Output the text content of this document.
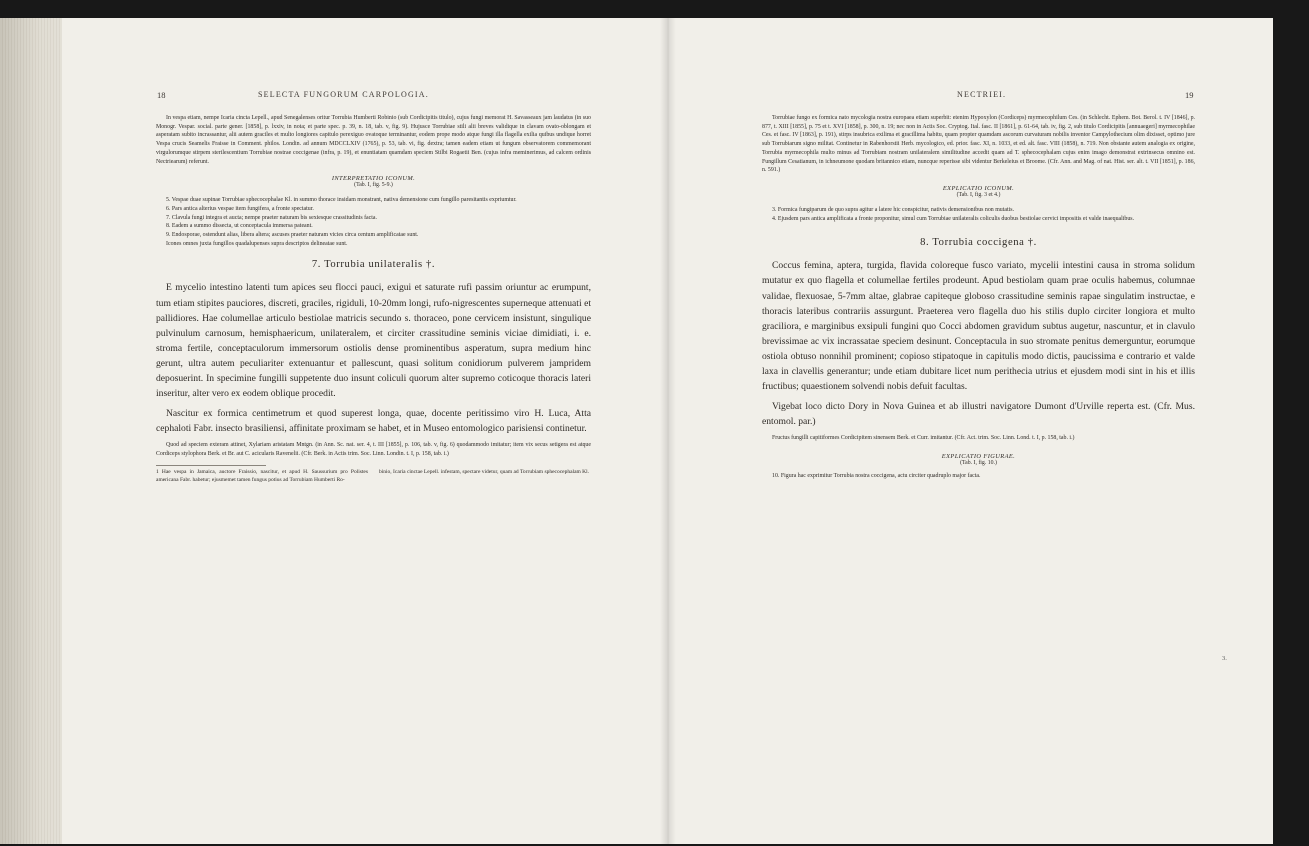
18	SELECTA FUNGORUM CARPOLOGIA.

In vespa etiam, nempe Icaria cincta Lepell., apud Senegalenses oritur Torrubia Humberti Robinio (sub Cordicipitis titulo), cujus fungi memorat H. Savasseaux jam laudatus (in suo Monogr. Vespar. social. parte gener. [1858], p. lxxiv, in nota; et parte spec. p. 39, n. 18, tab. v, fig. 9). Hujusce Torrubiae stili alii breves validique in clavam ovato-oblongam et asperatam subito incrassantur, alii autem graciles et multo longiores capitulo perexiguo ovatoque terminantur, eodem prope modo atque fungi illa flagella exilia quibus undique horret Vespa crucis Seamelis Fraisse in Comment. philos. Londin. ad annum MDCCLXIV (1765), p. 53, tab. vi, fig. dextra; tamen eadem etiam ut fungum observatorem commemorant virgulorumque stirpem sterilescentium Torrubiae nostrae coccigenae (infra, p. 19), et enuntiatam quamdam speciem Stilbi Rogaetii Ben. (cujus infra meminerimus, ad calcem ordinis Nectriearum) referunt.

INTERPRETATIO ICONUM.

(Tab. I, fig. 5-9.)

5. Vespae duae supinae Torrubiae sphecocephalae Kl. in summo thorace insidam monstrant, nativa demensione cum fungillo paresitantis expriumtur.

6. Pars antica alterius vespae item fungifera, a fronte spectatur.

7. Clavula fungi integra et aucta; nempe praeter naturam bis sexiesque crassitudinis facta.

8. Eadem a summo dissecta, ut conceptacula immersa pateant.

9. Endosporae, ostendunt alias, libera altera; ascuses praeter naturam vicies circa centum amplificatae sunt.

Icones omnes juxta fungillos quadalupenses supra descriptos delineatae sunt.

7. Torrubia unilateralis †.

E mycelio intestino latenti tum apices seu flocci pauci, exigui et saturate rufi passim oriuntur ac erumpunt, tum etiam stipites pauciores, discreti, graciles, rigiduli, 10-20mm longi, rufo-nigrescentes superneque attenuati et pallidiores. Hae columellae articulo bestiolae matricis secundo s. thoraceo, pone cervicem insistunt, singulique pulvinulum carnosum, hemisphaericum, unilateralem, et circiter crassitudine seminis viciae dimidiati, i. e. stroma fertile, conceptaculorum immersorum ostiolis dense prominentibus asperatum, supra medium hinc gerunt, ultra autem peculiariter extenuantur et pallescunt, quasi solitum conidiorum pulverem jampridem deposuerint. In specimine fungilli suppetente duo insunt coliculi quorum alter supremo coticoque thoracis lateri inseritur, alter vero ex eodem oblique procedit.

Nascitur ex formica centimetrum et quod superest longa, quae, docente peritissimo viro H. Luca, Atta cephaloti Fabr. insecto brasiliensi, affinitate proximam se habet, et in Museo entomologico parisiensi continetur.

Quod ad speciem exteram attinet, Xylariam aristatam Mntgn. (in Ann. Sc. nat. ser. 4, t. III [1855], p. 106, tab. v, fig. 6) quodammodo imitatur; item vix secus setigera est atque Cordiceps stylophora Berk. et Br. aut C. acicularis Ravenelii. (Cfr. Berk. in Actis trim. Soc. Linn. Londin. t. I, p. 158, tab. i.)

1 Hae vespa in Jamaica, auctore Fraissio, nascitur, et apud H. Saussurium pro Polistes americana Fabr. habetur; ejusmemet tamen fungus potius ad Torrubiam Humberti Ro-

binio, Icaria cinctae Lepell. infestam, spectare videtur, quam ad Torrubiam sphecocephalam Kl.

NECTRIEI.	19

Torrubiae fungo ex formica nato mycologia nostra europaea etiam superbit: etenim Hypoxylon (Cordiceps) myrmecophilum Ces. (in Schlecht. Ephem. Bot. Berol. t. IV [1846], p. 877, t. XIII [1855], p. 75 et t. XVI [1858], p. 300, n. 19; nec non in Actis Soc. Cryptog. Ital. fasc. II [1861], p. 61-64, tab. iv, fig. 2, sub titulo Cordicipitis [annuaegeri] myrmecophilae Ces. et fasc. IV [1863], p. 191), stirps insubrica exilima et gracillima habitu, quam propter quamdam ascorum curvaturam nobilis inventor Campylothecium olim dixisset, optimo jure sub Torrubiarum signo militat. Continetur in Rabenhorstii Herb. mycologico, ed. prior. fasc. XI, n. 1033, et ed. alt. fasc. VIII (1858), n. 719. Non obstante autem analogia ex origine, Torrubia myrmecophila multo minus ad Torrubiam nostram unilateralem similitudine accedit quam ad T. sphecocephalam cujus enim imago demonstrat extrinsecus omnino est. Fungillum Cesatianum, in ichneumone quodam britannico etiam, nuncque reperisse sibi videntur Berkeleius et Broome. (Cfr. Ann. and Mag. of nat. Hist. ser. alt. t. VII [1851], p. 186, n. 591.)

EXPLICATIO ICONUM.

(Tab. I, fig. 3 et 4.)

3. Formica fungiparum de quo supra agitur a latere hic conspicitur, nativis demensionibus non mutatis.

4. Ejusdem pars antica amplificata a fronte proponitur, simul cum Torrubiae unilateralis coliculis duobus bestiolae cervici impositis et valde inaequalibus.

8. Torrubia coccigena †.

Coccus femina, aptera, turgida, flavida coloreque fusco variato, mycelii intestini causa in stroma solidum mutatur ex quo flagella et columellae fertiles prodeunt. Apud bestiolam quam prae oculis habemus, columnae validae, flexuosae, 5-7mm altae, glabrae capiteque globoso crassitudine seminis rapae singulatim instructae, e thoracis lateribus contrariis assurgunt. Praeterea vero flagella duo his stilis duplo circiter longiora et multo graciliora, e marginibus exsipuli fungini quo Cocci abdomen gravidum subtus augetur, nascuntur, et in clavulo brevissimae ac vix incrassatae speciem desinunt. Conceptacula in suo stromate penitus demerguntur, eorumque ostiola obtuso nonnihil prominent; copioso stipatoque in capitulis modo dictis, paucissima e contrario et valde laxa in clavellis generantur; unde etiam dubitare licet num perithecia utrius et ejusdem modi sint in his et illis fructibus; quaestionem solvendi nobis defuit facultas.

Vigebat loco dicto Dory in Nova Guinea et ab illustri navigatore Dumont d'Urville reperta est. (Cfr. Mus. entomol. par.)

Fructus fungilli capitiformes Cordicipitem sinensem Berk. et Curr. imitantur. (Cfr. Act. trim. Soc. Linn. Lond. t. I, p. 158, tab. i.)

EXPLICATIO FIGURAE.

(Tab. I, fig. 10.)

10. Figura hac exprimitur Torrubia nostra coccigena, actu circiter quadruplo major facta.

3.
